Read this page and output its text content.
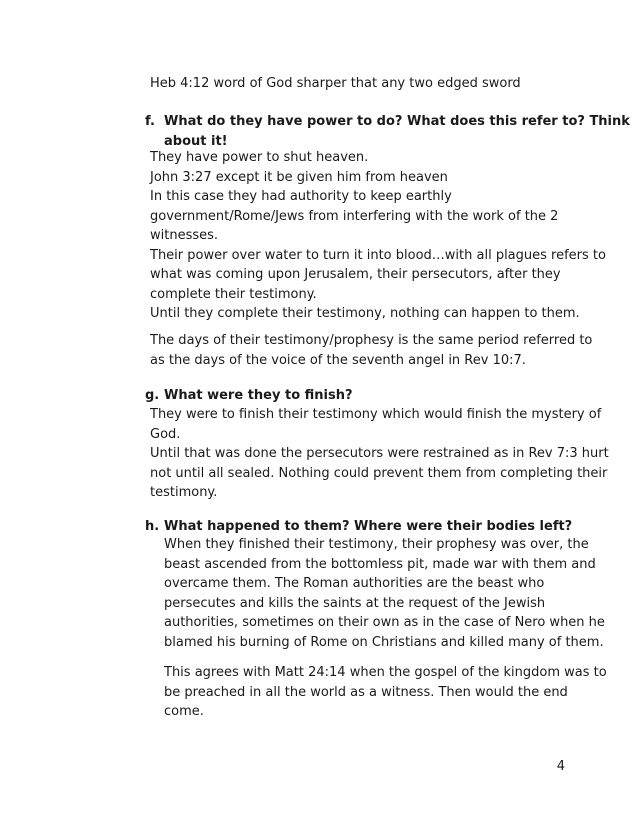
Heb 4:12 word of God sharper that any two edged sword
f. What do they have power to do? What does this refer to? Think
about it!
They have power to shut heaven.
John 3:27 except it be given him from heaven
In this case they had authority to keep earthly
government/Rome/Jews from interfering with the work of the 2
witnesses.
Their power over water to turn it into blood…with all plagues refers to
what was coming upon Jerusalem, their persecutors, after they
complete their testimony.
Until they complete their testimony, nothing can happen to them.
The days of their testimony/prophesy is the same period referred to
as the days of the voice of the seventh angel in Rev 10:7.
g. What were they to finish?
They were to finish their testimony which would finish the mystery of
God.
Until that was done the persecutors were restrained as in Rev 7:3 hurt
not until all sealed. Nothing could prevent them from completing their
testimony.
h. What happened to them? Where were their bodies left?
When they finished their testimony, their prophesy was over, the
beast ascended from the bottomless pit, made war with them and
overcame them. The Roman authorities are the beast who
persecutes and kills the saints at the request of the Jewish
authorities, sometimes on their own as in the case of Nero when he
blamed his burning of Rome on Christians and killed many of them.
This agrees with Matt 24:14 when the gospel of the kingdom was to
be preached in all the world as a witness. Then would the end
come.
4
